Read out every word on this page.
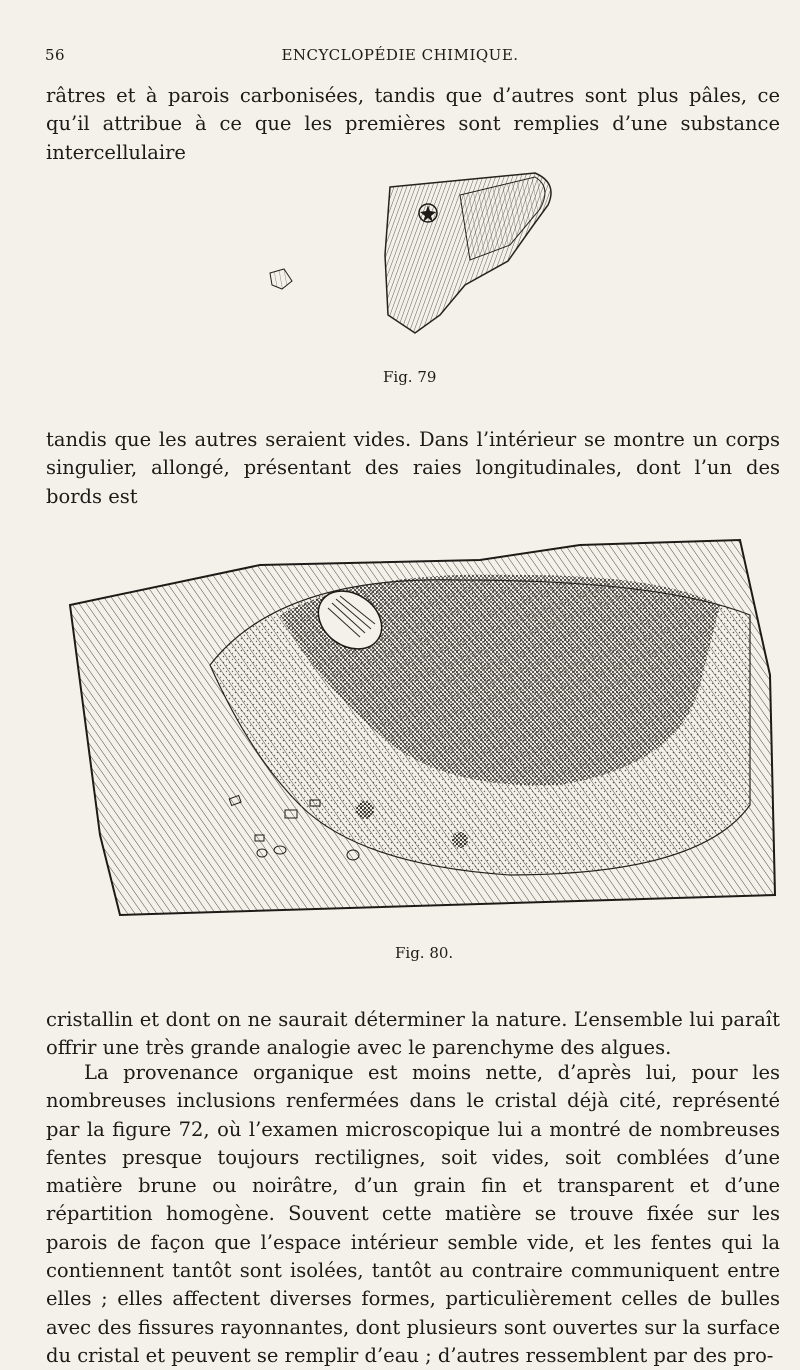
56	ENCYCLOPÉDIE CHIMIQUE.

râtres et à parois carbonisées, tandis que d’autres sont plus pâles, ce qu’il attribue à ce que les premières sont remplies d’une substance intercellulaire

Fig. 79

tandis que les autres seraient vides. Dans l’intérieur se montre un corps singulier, allongé, présentant des raies longitudinales, dont l’un des bords est

Fig. 80.

cristallin et dont on ne saurait déterminer la nature. L’ensemble lui paraît offrir une très grande analogie avec le parenchyme des algues.

La provenance organique est moins nette, d’après lui, pour les nombreuses inclusions renfermées dans le cristal déjà cité, représenté par la figure 72, où l’examen microscopique lui a montré de nombreuses fentes presque toujours rectilignes, soit vides, soit comblées d’une matière brune ou noirâtre, d’un grain fin et transparent et d’une répartition homogène. Souvent cette matière se trouve fixée sur les parois de façon que l’espace intérieur semble vide, et les fentes qui la contiennent tantôt sont isolées, tantôt au contraire communiquent entre elles ; elles affectent diverses formes, particulièrement celles de bulles avec des fissures rayonnantes, dont plusieurs sont ouvertes sur la surface du cristal et peuvent se remplir d’eau ; d’autres ressemblent par des pro-
